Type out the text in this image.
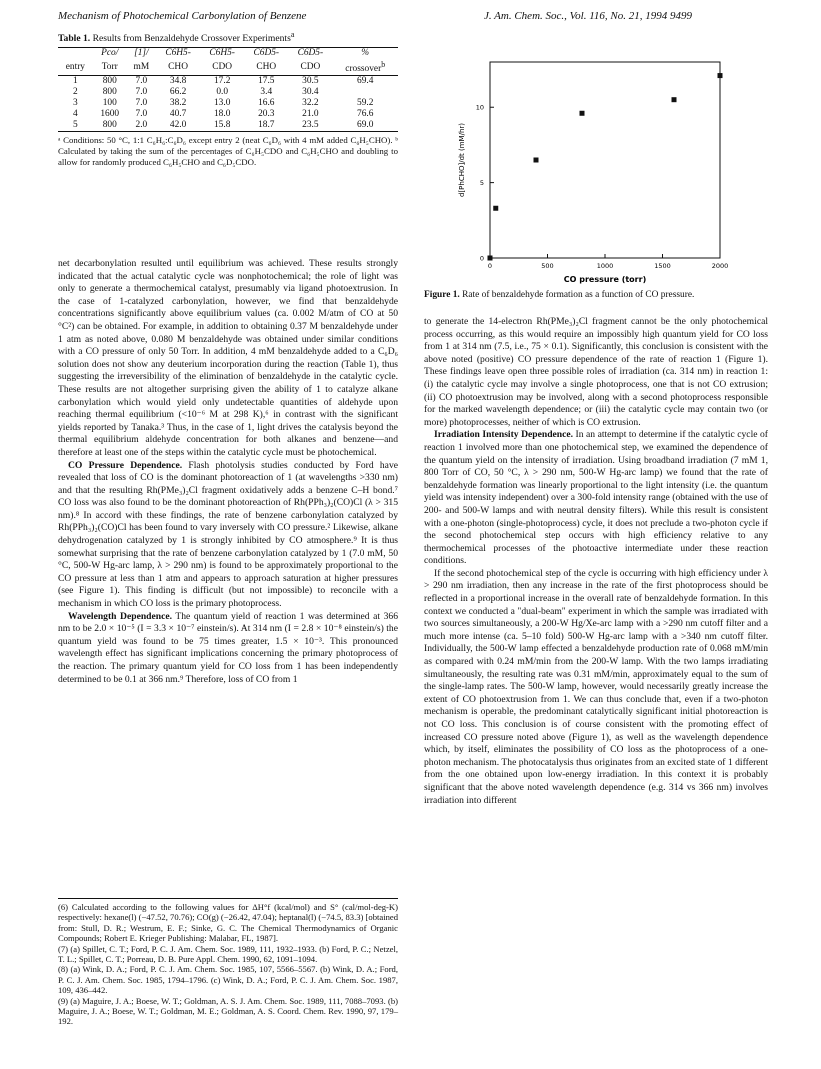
Mechanism of Photochemical Carbonylation of Benzene	J. Am. Chem. Soc., Vol. 116, No. 21, 1994 9499
Table 1. Results from Benzaldehyde Crossover Experiments$^a$
	Pco/	[1]/	C6H5-	C6H5-	C6D5-	C6D5-	%
entry	Torr	mM	CHO	CDO	CHO	CDO	crossover$^b$
1	800	7.0	34.8	17.2	17.5	30.5	69.4
2	800	7.0	66.2	0.0	3.4	30.4	
3	100	7.0	38.2	13.0	16.6	32.2	59.2
4	1600	7.0	40.7	18.0	20.3	21.0	76.6
5	800	2.0	42.0	15.8	18.7	23.5	69.0
ᵃ Conditions: 50 °C, 1:1 C₆H₆:C₆D₆ except entry 2 (neat C₆D₆ with 4 mM added C₆H₅CHO). ᵇ Calculated by taking the sum of the percentages of C₆H₅CDO and C₆H₅CHO and doubling to allow for randomly produced C₆H₅CHO and C₆D₅CDO.
0	500	1000	1500	2000
0
5
10
CO pressure (torr)
d[PhCHO]/dt (mM/hr)
Figure 1. Rate of benzaldehyde formation as a function of CO pressure.

net decarbonylation resulted until equilibrium was achieved. These results strongly indicated that the actual catalytic cycle was nonphotochemical; the role of light was only to generate a thermochemical catalyst, presumably via ligand photoextrusion. In the case of 1-catalyzed carbonylation, however, we find that benzaldehyde concentrations significantly above equilibrium values (ca. 0.002 M/atm of CO at 50 °C²) can be obtained. For example, in addition to obtaining 0.37 M benzaldehyde under 1 atm as noted above, 0.080 M benzaldehyde was obtained under similar conditions with a CO pressure of only 50 Torr. In addition, 4 mM benzaldehyde added to a C₆D₆ solution does not show any deuterium incorporation during the reaction (Table 1), thus suggesting the irreversibility of the elimination of benzaldehyde in the catalytic cycle. These results are not altogether surprising given the ability of 1 to catalyze alkane carbonylation which would yield only undetectable quantities of aldehyde upon reaching thermal equilibrium (<10⁻⁶ M at 298 K),⁶ in contrast with the significant yields reported by Tanaka.³ Thus, in the case of 1, light drives the catalysis beyond the thermal equilibrium aldehyde concentration for both alkanes and benzene—and therefore at least one of the steps within the catalytic cycle must be photochemical.

CO Pressure Dependence. Flash photolysis studies conducted by Ford have revealed that loss of CO is the dominant photoreaction of 1 (at wavelengths >330 nm) and that the resulting Rh(PMe₃)₂Cl fragment oxidatively adds a benzene C–H bond.⁷ CO loss was also found to be the dominant photoreaction of Rh(PPh₃)₂(CO)Cl (λ > 315 nm).⁸ In accord with these findings, the rate of benzene carbonylation catalyzed by Rh(PPh₃)₂(CO)Cl has been found to vary inversely with CO pressure.² Likewise, alkane dehydrogenation catalyzed by 1 is strongly inhibited by CO atmosphere.⁹ It is thus somewhat surprising that the rate of benzene carbonylation catalyzed by 1 (7.0 mM, 50 °C, 500-W Hg-arc lamp, λ > 290 nm) is found to be approximately proportional to the CO pressure at less than 1 atm and appears to approach saturation at higher pressures (see Figure 1). This finding is difficult (but not impossible) to reconcile with a mechanism in which CO loss is the primary photoprocess.

Wavelength Dependence. The quantum yield of reaction 1 was determined at 366 nm to be 2.0 × 10⁻⁵ (I = 3.3 × 10⁻⁷ einstein/s). At 314 nm (I = 2.8 × 10⁻⁸ einstein/s) the quantum yield was found to be 75 times greater, 1.5 × 10⁻³. This pronounced wavelength effect has significant implications concerning the primary photoprocess of the reaction. The primary quantum yield for CO loss from 1 has been independently determined to be 0.1 at 366 nm.⁹ Therefore, loss of CO from 1

to generate the 14-electron Rh(PMe₃)₂Cl fragment cannot be the only photochemical process occurring, as this would require an impossibly high quantum yield for CO loss from 1 at 314 nm (7.5, i.e., 75 × 0.1). Significantly, this conclusion is consistent with the above noted (positive) CO pressure dependence of the rate of reaction 1 (Figure 1). These findings leave open three possible roles of irradiation (ca. 314 nm) in reaction 1: (i) the catalytic cycle may involve a single photoprocess, one that is not CO extrusion; (ii) CO photoextrusion may be involved, along with a second photoprocess responsible for the marked wavelength dependence; or (iii) the catalytic cycle may contain two (or more) photoprocesses, neither of which is CO extrusion.

Irradiation Intensity Dependence. In an attempt to determine if the catalytic cycle of reaction 1 involved more than one photochemical step, we examined the dependence of the quantum yield on the intensity of irradiation. Using broadband irradiation (7 mM 1, 800 Torr of CO, 50 °C, λ > 290 nm, 500-W Hg-arc lamp) we found that the rate of benzaldehyde formation was linearly proportional to the light intensity (i.e. the quantum yield was intensity independent) over a 300-fold intensity range (obtained with the use of 200- and 500-W lamps and with neutral density filters). While this result is consistent with a one-photon (single-photoprocess) cycle, it does not preclude a two-photon cycle if the second photochemical step occurs with high efficiency relative to any thermochemical processes of the photoactive intermediate under these reaction conditions.

If the second photochemical step of the cycle is occurring with high efficiency under λ > 290 nm irradiation, then any increase in the rate of the first photoprocess should be reflected in a proportional increase in the overall rate of benzaldehyde formation. In this context we conducted a "dual-beam" experiment in which the sample was irradiated with two sources simultaneously, a 200-W Hg/Xe-arc lamp with a >290 nm cutoff filter and a much more intense (ca. 5–10 fold) 500-W Hg-arc lamp with a >340 nm cutoff filter. Individually, the 500-W lamp effected a benzaldehyde production rate of 0.068 mM/min as compared with 0.24 mM/min from the 200-W lamp. With the two lamps irradiating simultaneously, the resulting rate was 0.31 mM/min, approximately equal to the sum of the single-lamp rates. The 500-W lamp, however, would necessarily greatly increase the extent of CO photoextrusion from 1. We can thus conclude that, even if a two-photon mechanism is operable, the predominant catalytically significant initial photoreaction is not CO loss. This conclusion is of course consistent with the promoting effect of increased CO pressure noted above (Figure 1), as well as the wavelength dependence which, by itself, eliminates the possibility of CO loss as the photoprocess of a one-photon mechanism. The photocatalysis thus originates from an excited state of 1 different from the one obtained upon low-energy irradiation. In this context it is probably significant that the above noted wavelength dependence (e.g. 314 vs 366 nm) involves irradiation into different

(6) Calculated according to the following values for ΔH°f (kcal/mol) and S° (cal/mol-deg-K) respectively: hexane(l) (−47.52, 70.76); CO(g) (−26.42, 47.04); heptanal(l) (−74.5, 83.3) [obtained from: Stull, D. R.; Westrum, E. F.; Sinke, G. C. The Chemical Thermodynamics of Organic Compounds; Robert E. Krieger Publishing: Malabar, FL, 1987].
(7) (a) Spillet, C. T.; Ford, P. C. J. Am. Chem. Soc. 1989, 111, 1932–1933. (b) Ford, P. C.; Netzel, T. L.; Spillet, C. T.; Porreau, D. B. Pure Appl. Chem. 1990, 62, 1091–1094.
(8) (a) Wink, D. A.; Ford, P. C. J. Am. Chem. Soc. 1985, 107, 5566–5567. (b) Wink, D. A.; Ford, P. C. J. Am. Chem. Soc. 1985, 1794–1796. (c) Wink, D. A.; Ford, P. C. J. Am. Chem. Soc. 1987, 109, 436–442.
(9) (a) Maguire, J. A.; Boese, W. T.; Goldman, A. S. J. Am. Chem. Soc. 1989, 111, 7088–7093. (b) Maguire, J. A.; Boese, W. T.; Goldman, M. E.; Goldman, A. S. Coord. Chem. Rev. 1990, 97, 179–192.
